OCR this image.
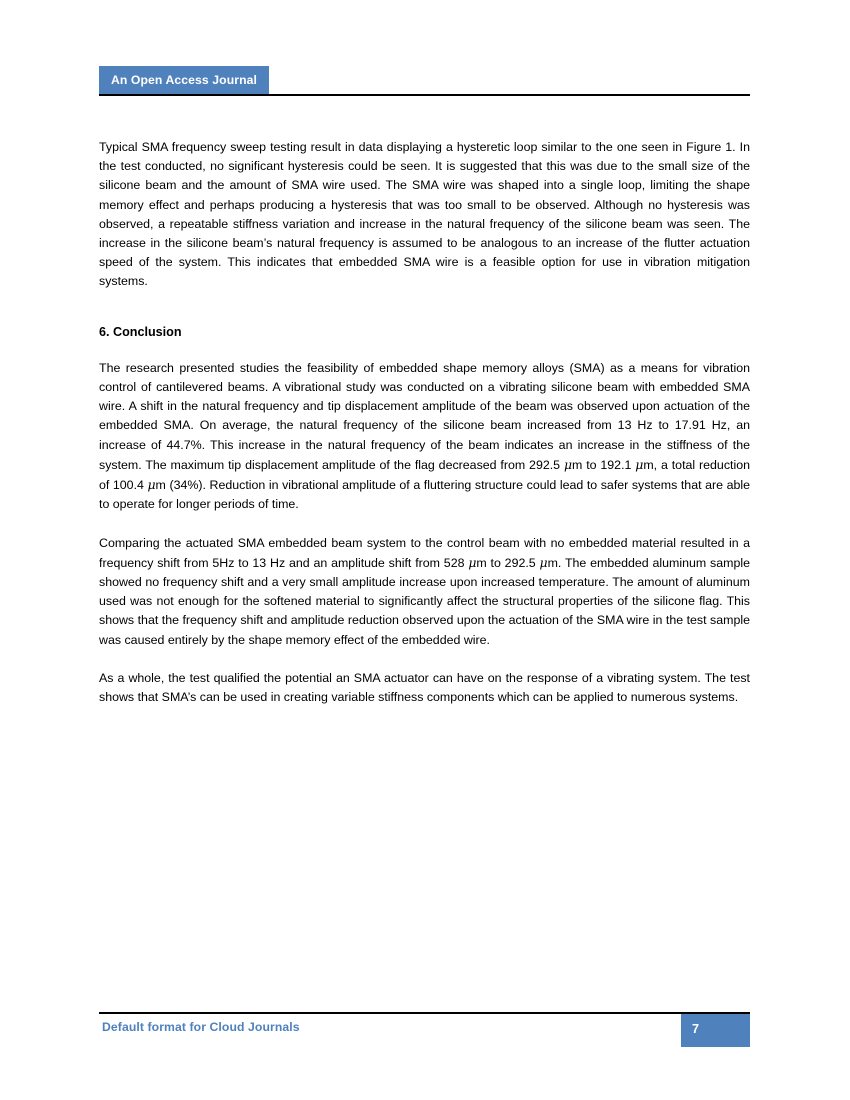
An Open Access Journal

Typical SMA frequency sweep testing result in data displaying a hysteretic loop similar to the one seen in Figure 1. In the test conducted, no significant hysteresis could be seen. It is suggested that this was due to the small size of the silicone beam and the amount of SMA wire used. The SMA wire was shaped into a single loop, limiting the shape memory effect and perhaps producing a hysteresis that was too small to be observed. Although no hysteresis was observed, a repeatable stiffness variation and increase in the natural frequency of the silicone beam was seen. The increase in the silicone beam’s natural frequency is assumed to be analogous to an increase of the flutter actuation speed of the system. This indicates that embedded SMA wire is a feasible option for use in vibration mitigation systems.

6. Conclusion

The research presented studies the feasibility of embedded shape memory alloys (SMA) as a means for vibration control of cantilevered beams. A vibrational study was conducted on a vibrating silicone beam with embedded SMA wire. A shift in the natural frequency and tip displacement amplitude of the beam was observed upon actuation of the embedded SMA. On average, the natural frequency of the silicone beam increased from 13 Hz to 17.91 Hz, an increase of 44.7%. This increase in the natural frequency of the beam indicates an increase in the stiffness of the system. The maximum tip displacement amplitude of the flag decreased from 292.5 μm to 192.1 μm, a total reduction of 100.4 μm (34%). Reduction in vibrational amplitude of a fluttering structure could lead to safer systems that are able to operate for longer periods of time.

Comparing the actuated SMA embedded beam system to the control beam with no embedded material resulted in a frequency shift from 5Hz to 13 Hz and an amplitude shift from 528 μm to 292.5 μm. The embedded aluminum sample showed no frequency shift and a very small amplitude increase upon increased temperature. The amount of aluminum used was not enough for the softened material to significantly affect the structural properties of the silicone flag. This shows that the frequency shift and amplitude reduction observed upon the actuation of the SMA wire in the test sample was caused entirely by the shape memory effect of the embedded wire.

As a whole, the test qualified the potential an SMA actuator can have on the response of a vibrating system. The test shows that SMA’s can be used in creating variable stiffness components which can be applied to numerous systems.

Default format for Cloud Journals	7
